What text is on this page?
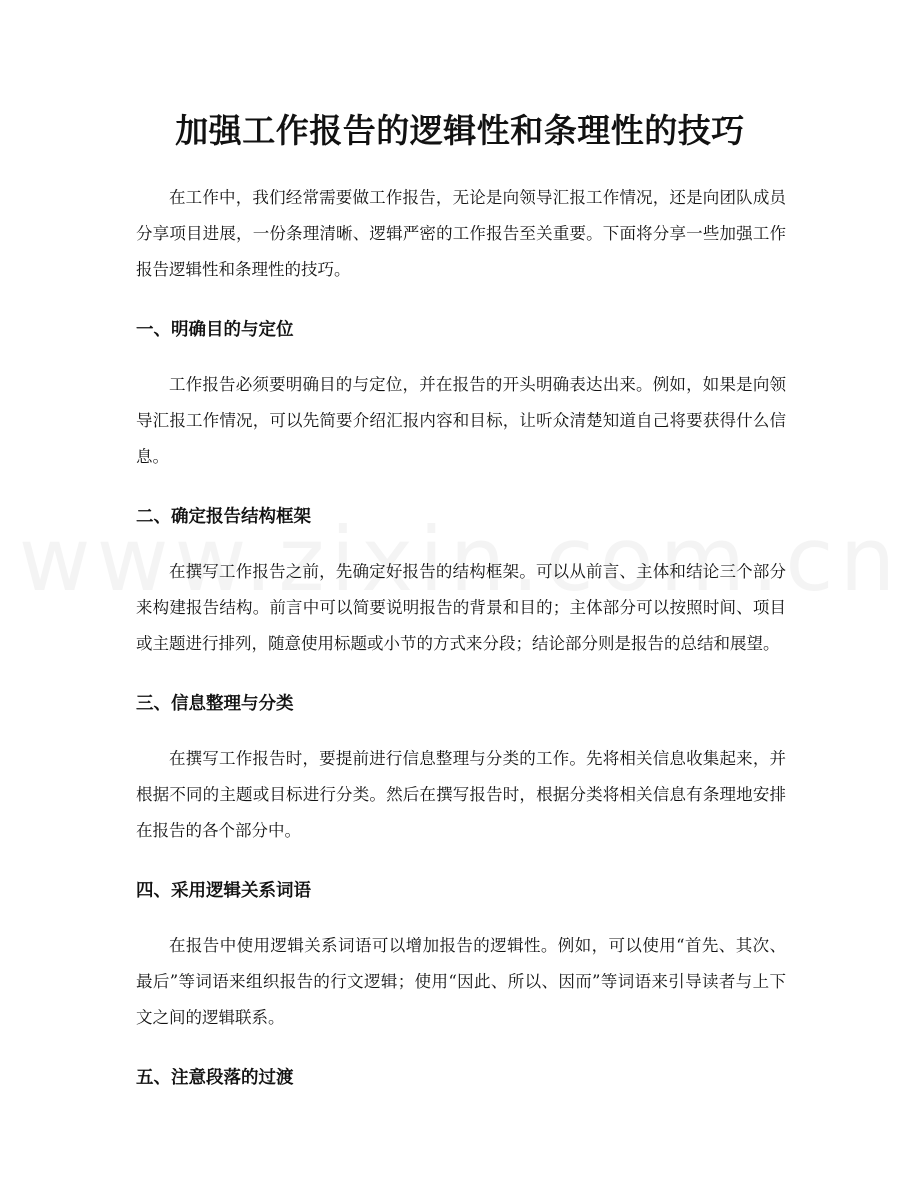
加强工作报告的逻辑性和条理性的技巧

在工作中，我们经常需要做工作报告，无论是向领导汇报工作情况，还是向团队成员分享项目进展，一份条理清晰、逻辑严密的工作报告至关重要。下面将分享一些加强工作报告逻辑性和条理性的技巧。

一、明确目的与定位

工作报告必须要明确目的与定位，并在报告的开头明确表达出来。例如，如果是向领导汇报工作情况，可以先简要介绍汇报内容和目标，让听众清楚知道自己将要获得什么信息。

二、确定报告结构框架

在撰写工作报告之前，先确定好报告的结构框架。可以从前言、主体和结论三个部分来构建报告结构。前言中可以简要说明报告的背景和目的；主体部分可以按照时间、项目或主题进行排列，随意使用标题或小节的方式来分段；结论部分则是报告的总结和展望。

三、信息整理与分类

在撰写工作报告时，要提前进行信息整理与分类的工作。先将相关信息收集起来，并根据不同的主题或目标进行分类。然后在撰写报告时，根据分类将相关信息有条理地安排在报告的各个部分中。

四、采用逻辑关系词语

在报告中使用逻辑关系词语可以增加报告的逻辑性。例如，可以使用“首先、其次、最后”等词语来组织报告的行文逻辑；使用“因此、所以、因而”等词语来引导读者与上下文之间的逻辑联系。

五、注意段落的过渡
